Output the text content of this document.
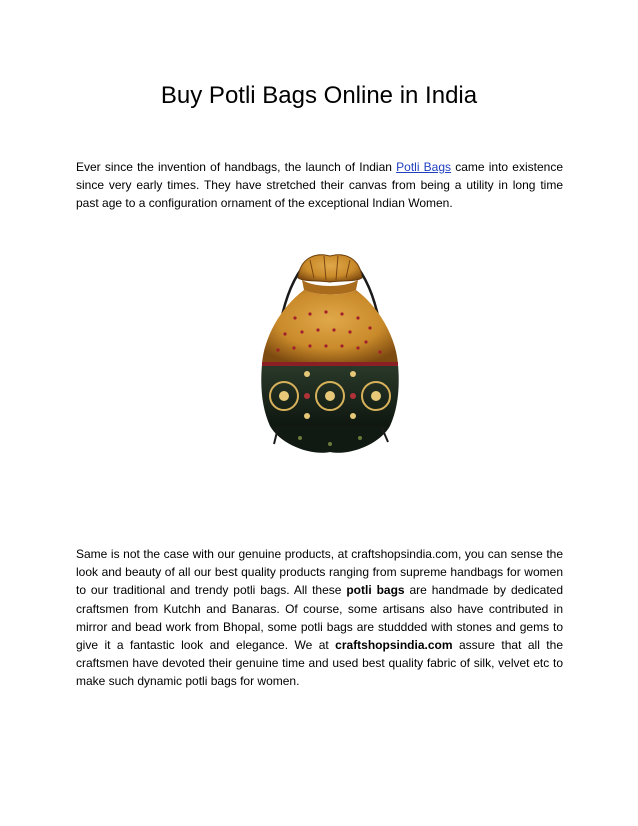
Buy Potli Bags Online in India

Ever since the invention of handbags, the launch of Indian Potli Bags came into existence since very early times. They have stretched their canvas from being a utility in long time past age to a configuration ornament of the exceptional Indian Women.

Same is not the case with our genuine products, at craftshopsindia.com, you can sense the look and beauty of all our best quality products ranging from supreme handbags for women to our traditional and trendy potli bags. All these potli bags are handmade by dedicated craftsmen from Kutchh and Banaras. Of course, some artisans also have contributed in mirror and bead work from Bhopal, some potli bags are studdded with stones and gems to give it a fantastic look and elegance. We at craftshopsindia.com assure that all the craftsmen have devoted their genuine time and used best quality fabric of silk, velvet etc to make such dynamic potli bags for women.
